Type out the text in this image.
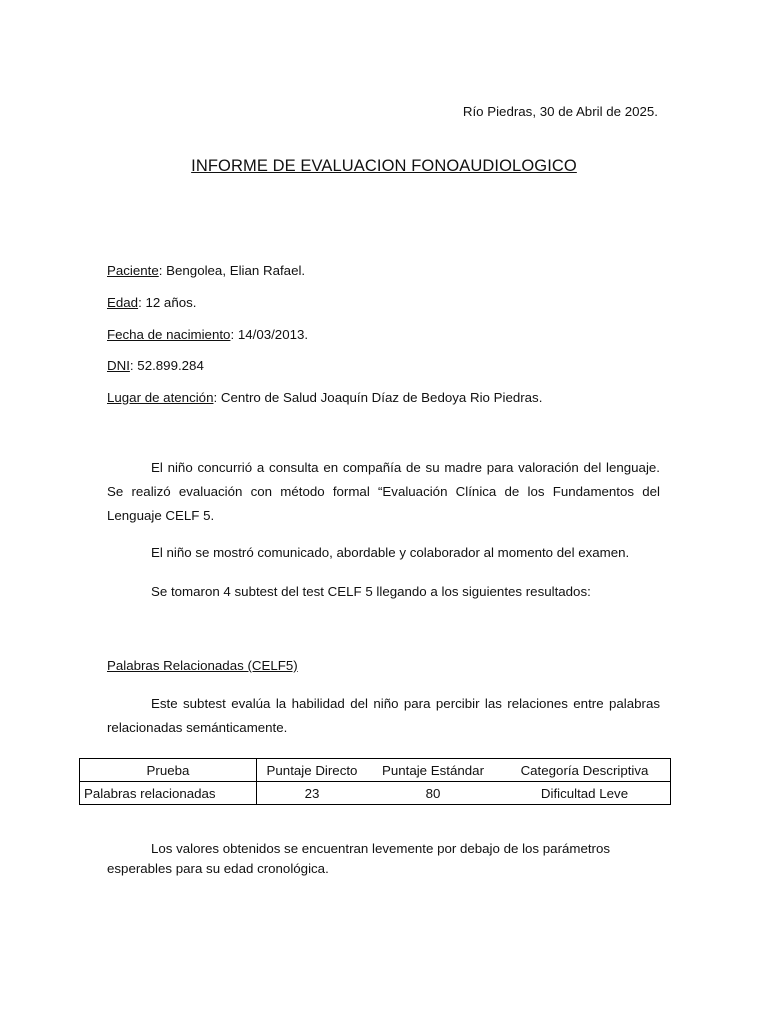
Río Piedras, 30 de Abril de 2025.
INFORME DE EVALUACION FONOAUDIOLOGICO
Paciente: Bengolea, Elian Rafael.
Edad: 12 años.
Fecha de nacimiento: 14/03/2013.
DNI: 52.899.284
Lugar de atención: Centro de Salud Joaquín Díaz de Bedoya Rio Piedras.
El niño concurrió a consulta en compañía de su madre para valoración del lenguaje. Se realizó evaluación con método formal “Evaluación Clínica de los Fundamentos del Lenguaje CELF 5.
El niño se mostró comunicado, abordable y colaborador al momento del examen.
Se tomaron 4 subtest del test CELF 5 llegando a los siguientes resultados:
Palabras Relacionadas (CELF5)
Este subtest evalúa la habilidad del niño para percibir las relaciones entre palabras relacionadas semánticamente.
Prueba	Puntaje Directo	Puntaje Estándar	Categoría Descriptiva
Palabras relacionadas	23	80	Dificultad Leve
Los valores obtenidos se encuentran levemente por debajo de los parámetros esperables para su edad cronológica.
